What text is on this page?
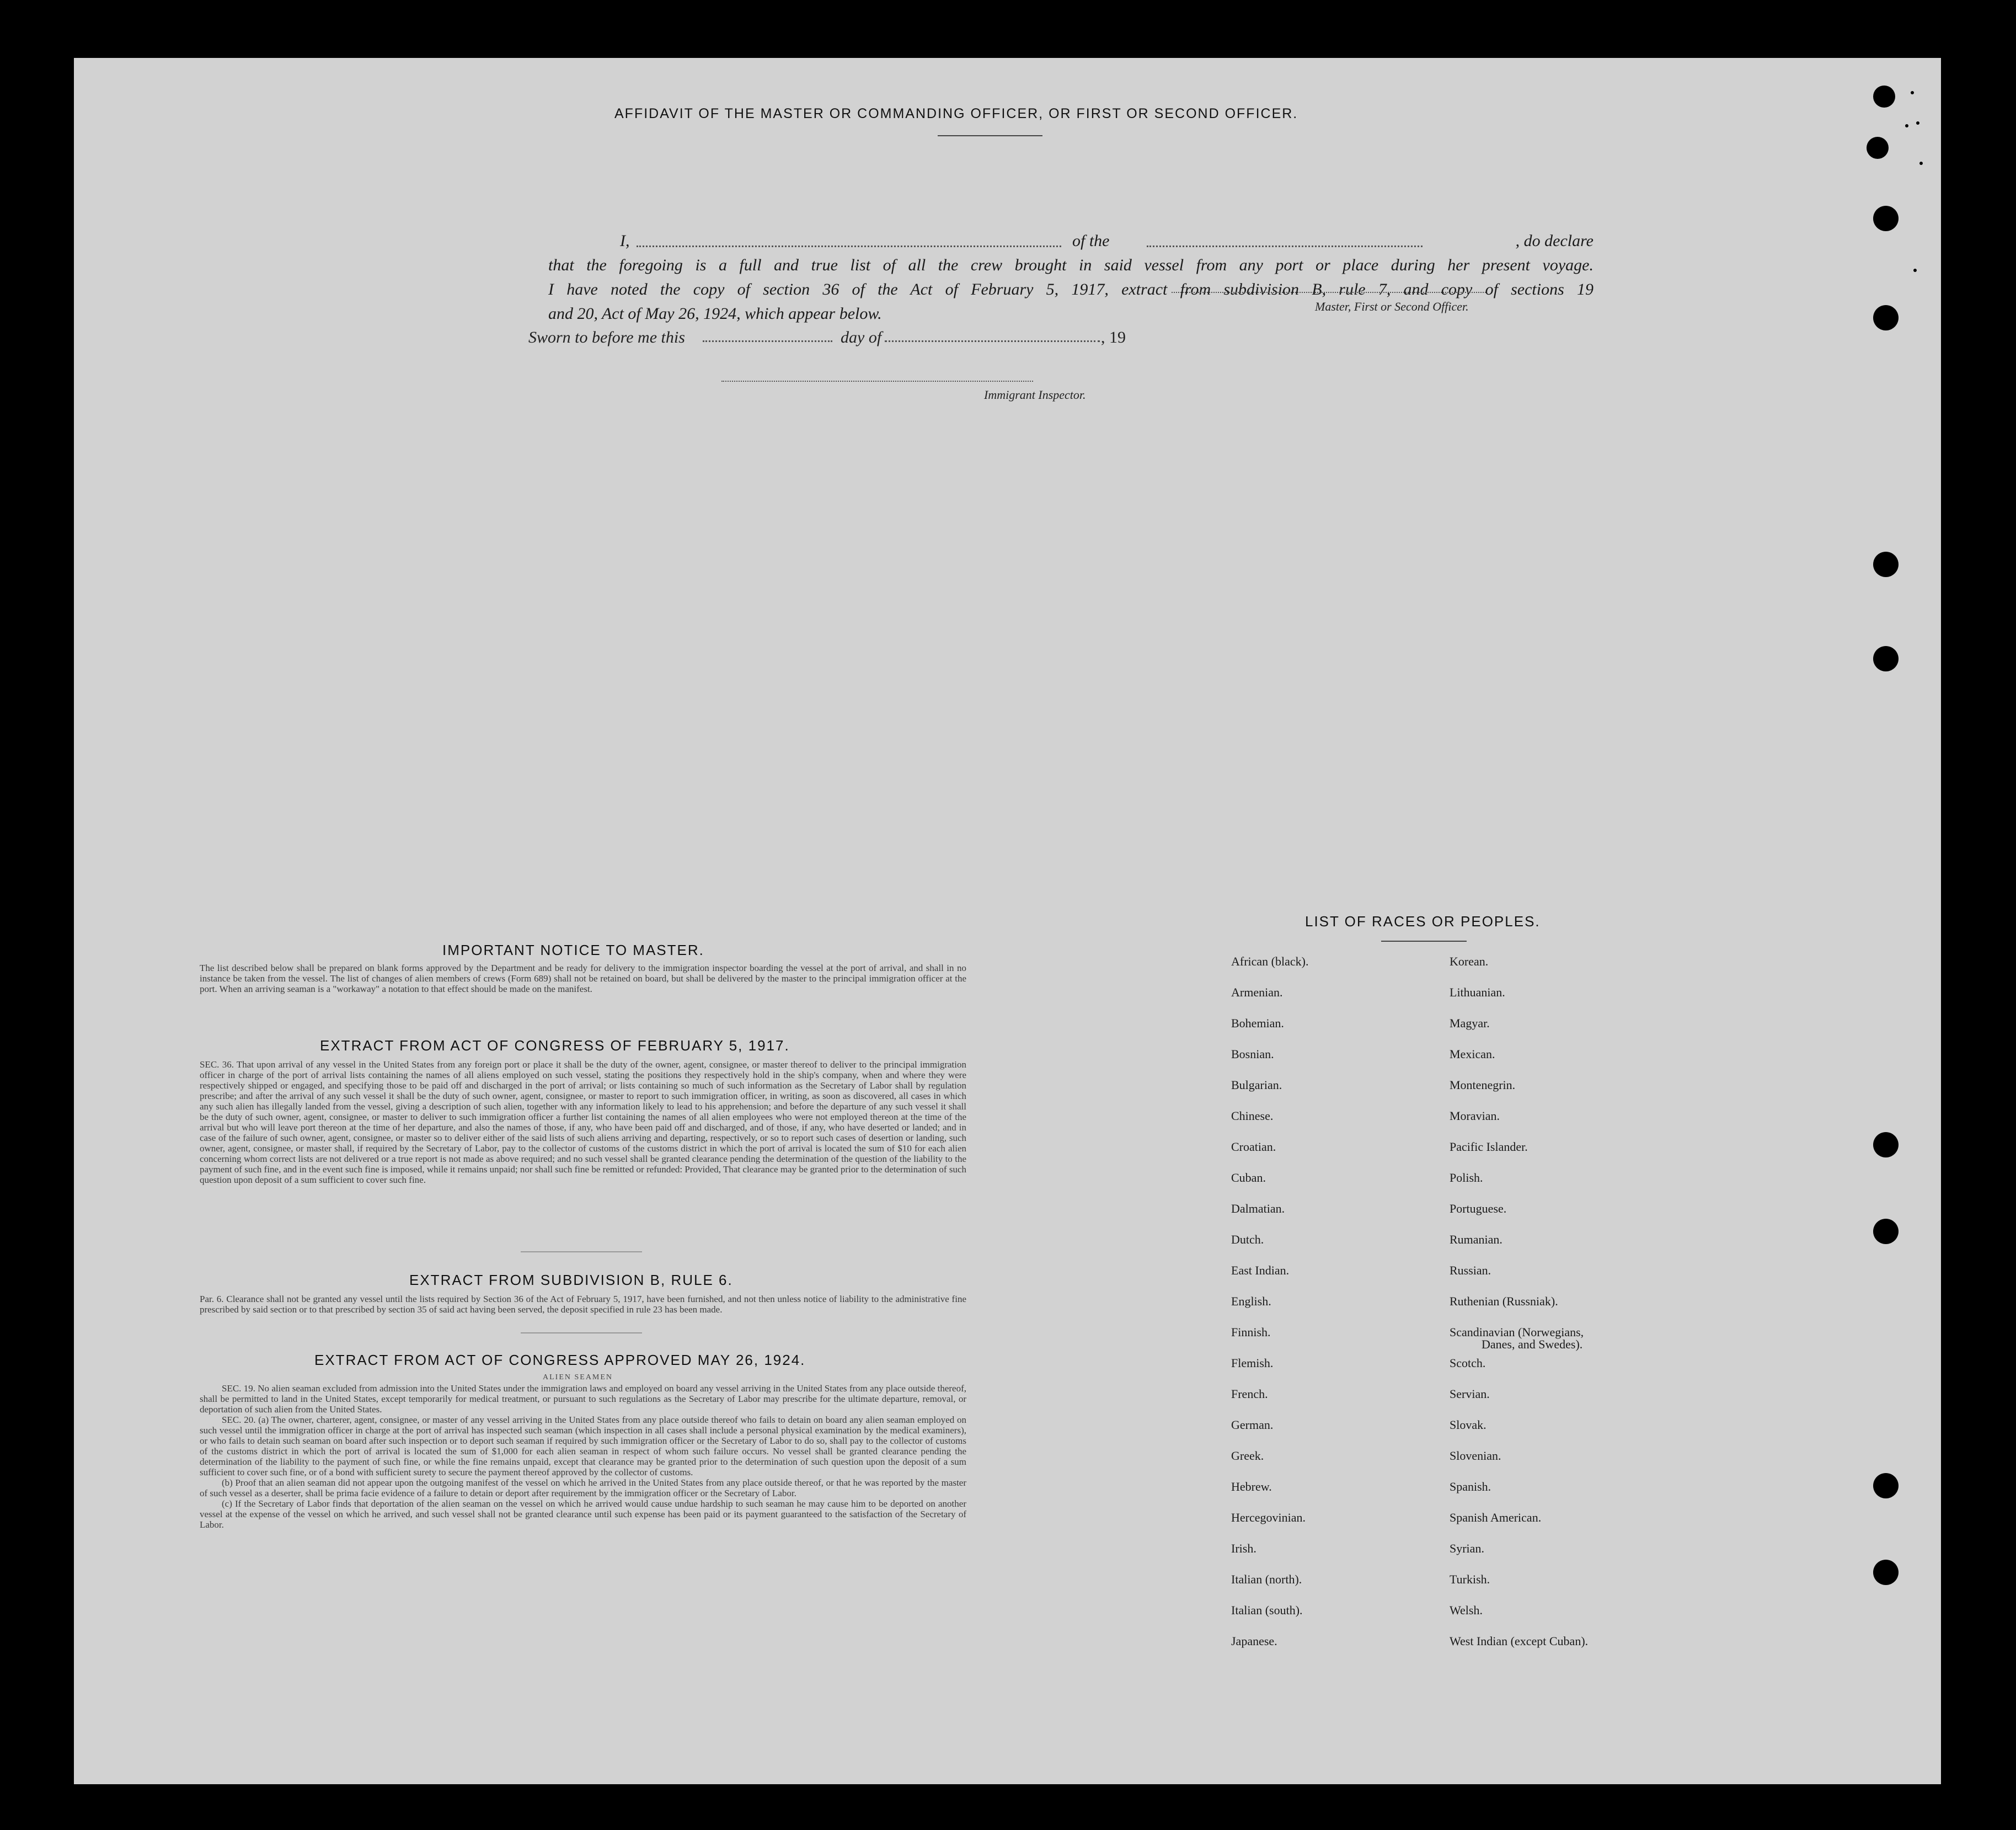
AFFIDAVIT OF THE MASTER OR COMMANDING OFFICER, OR FIRST OR SECOND OFFICER.
I,	of the	, do declare

that the foregoing is a full and true list of all the crew brought in said vessel from any port or place during her present voyage.

I have noted the copy of section 36 of the Act of February 5, 1917, extract from subdivision B, rule 7, and copy of sections 19

and 20, Act of May 26, 1924, which appear below.	Master, First or Second Officer.
Sworn to before me this	day of	, 19
Immigrant Inspector.
IMPORTANT NOTICE TO MASTER.
The list described below shall be prepared on blank forms approved by the Department and be ready for delivery to the immigration inspector boarding the vessel at the port of arrival, and shall in no instance be taken from the vessel. The list of changes of alien members of crews (Form 689) shall not be retained on board, but shall be delivered by the master to the principal immigration officer at the port. When an arriving seaman is a "workaway" a notation to that effect should be made on the manifest.
EXTRACT FROM ACT OF CONGRESS OF FEBRUARY 5, 1917.
SEC. 36. That upon arrival of any vessel in the United States from any foreign port or place it shall be the duty of the owner, agent, consignee, or master thereof to deliver to the principal immigration officer in charge of the port of arrival lists containing the names of all aliens employed on such vessel, stating the positions they respectively hold in the ship's company, when and where they were respectively shipped or engaged, and specifying those to be paid off and discharged in the port of arrival; or lists containing so much of such information as the Secretary of Labor shall by regulation prescribe; and after the arrival of any such vessel it shall be the duty of such owner, agent, consignee, or master to report to such immigration officer, in writing, as soon as discovered, all cases in which any such alien has illegally landed from the vessel, giving a description of such alien, together with any information likely to lead to his apprehension; and before the departure of any such vessel it shall be the duty of such owner, agent, consignee, or master to deliver to such immigration officer a further list containing the names of all alien employees who were not employed thereon at the time of the arrival but who will leave port thereon at the time of her departure, and also the names of those, if any, who have been paid off and discharged, and of those, if any, who have deserted or landed; and in case of the failure of such owner, agent, consignee, or master so to deliver either of the said lists of such aliens arriving and departing, respectively, or so to report such cases of desertion or landing, such owner, agent, consignee, or master shall, if required by the Secretary of Labor, pay to the collector of customs of the customs district in which the port of arrival is located the sum of $10 for each alien concerning whom correct lists are not delivered or a true report is not made as above required; and no such vessel shall be granted clearance pending the determination of the question of the liability to the payment of such fine, and in the event such fine is imposed, while it remains unpaid; nor shall such fine be remitted or refunded: Provided, That clearance may be granted prior to the determination of such question upon deposit of a sum sufficient to cover such fine.
EXTRACT FROM SUBDIVISION B, RULE 6.
Par. 6. Clearance shall not be granted any vessel until the lists required by Section 36 of the Act of February 5, 1917, have been furnished, and not then unless notice of liability to the administrative fine prescribed by said section or to that prescribed by section 35 of said act having been served, the deposit specified in rule 23 has been made.
EXTRACT FROM ACT OF CONGRESS APPROVED MAY 26, 1924.
ALIEN SEAMEN

SEC. 19. No alien seaman excluded from admission into the United States under the immigration laws and employed on board any vessel arriving in the United States from any place outside thereof, shall be permitted to land in the United States, except temporarily for medical treatment, or pursuant to such regulations as the Secretary of Labor may prescribe for the ultimate departure, removal, or deportation of such alien from the United States.

SEC. 20. (a) The owner, charterer, agent, consignee, or master of any vessel arriving in the United States from any place outside thereof who fails to detain on board any alien seaman employed on such vessel until the immigration officer in charge at the port of arrival has inspected such seaman (which inspection in all cases shall include a personal physical examination by the medical examiners), or who fails to detain such seaman on board after such inspection or to deport such seaman if required by such immigration officer or the Secretary of Labor to do so, shall pay to the collector of customs of the customs district in which the port of arrival is located the sum of $1,000 for each alien seaman in respect of whom such failure occurs. No vessel shall be granted clearance pending the determination of the liability to the payment of such fine, or while the fine remains unpaid, except that clearance may be granted prior to the determination of such question upon the deposit of a sum sufficient to cover such fine, or of a bond with sufficient surety to secure the payment thereof approved by the collector of customs.

(b) Proof that an alien seaman did not appear upon the outgoing manifest of the vessel on which he arrived in the United States from any place outside thereof, or that he was reported by the master of such vessel as a deserter, shall be prima facie evidence of a failure to detain or deport after requirement by the immigration officer or the Secretary of Labor.

(c) If the Secretary of Labor finds that deportation of the alien seaman on the vessel on which he arrived would cause undue hardship to such seaman he may cause him to be deported on another vessel at the expense of the vessel on which he arrived, and such vessel shall not be granted clearance until such expense has been paid or its payment guaranteed to the satisfaction of the Secretary of Labor.

LIST OF RACES OR PEOPLES.
African (black).
Armenian.
Bohemian.
Bosnian.
Bulgarian.
Chinese.
Croatian.
Cuban.
Dalmatian.
Dutch.
East Indian.
English.
Finnish.
Flemish.
French.
German.
Greek.
Hebrew.
Hercegovinian.
Irish.
Italian (north).
Italian (south).
Japanese.
Korean.
Lithuanian.
Magyar.
Mexican.
Montenegrin.
Moravian.
Pacific Islander.
Polish.
Portuguese.
Rumanian.
Russian.
Ruthenian (Russniak).
Scandinavian (Norwegians,
Danes, and Swedes).
Scotch.
Servian.
Slovak.
Slovenian.
Spanish.
Spanish American.
Syrian.
Turkish.
Welsh.
West Indian (except Cuban).
